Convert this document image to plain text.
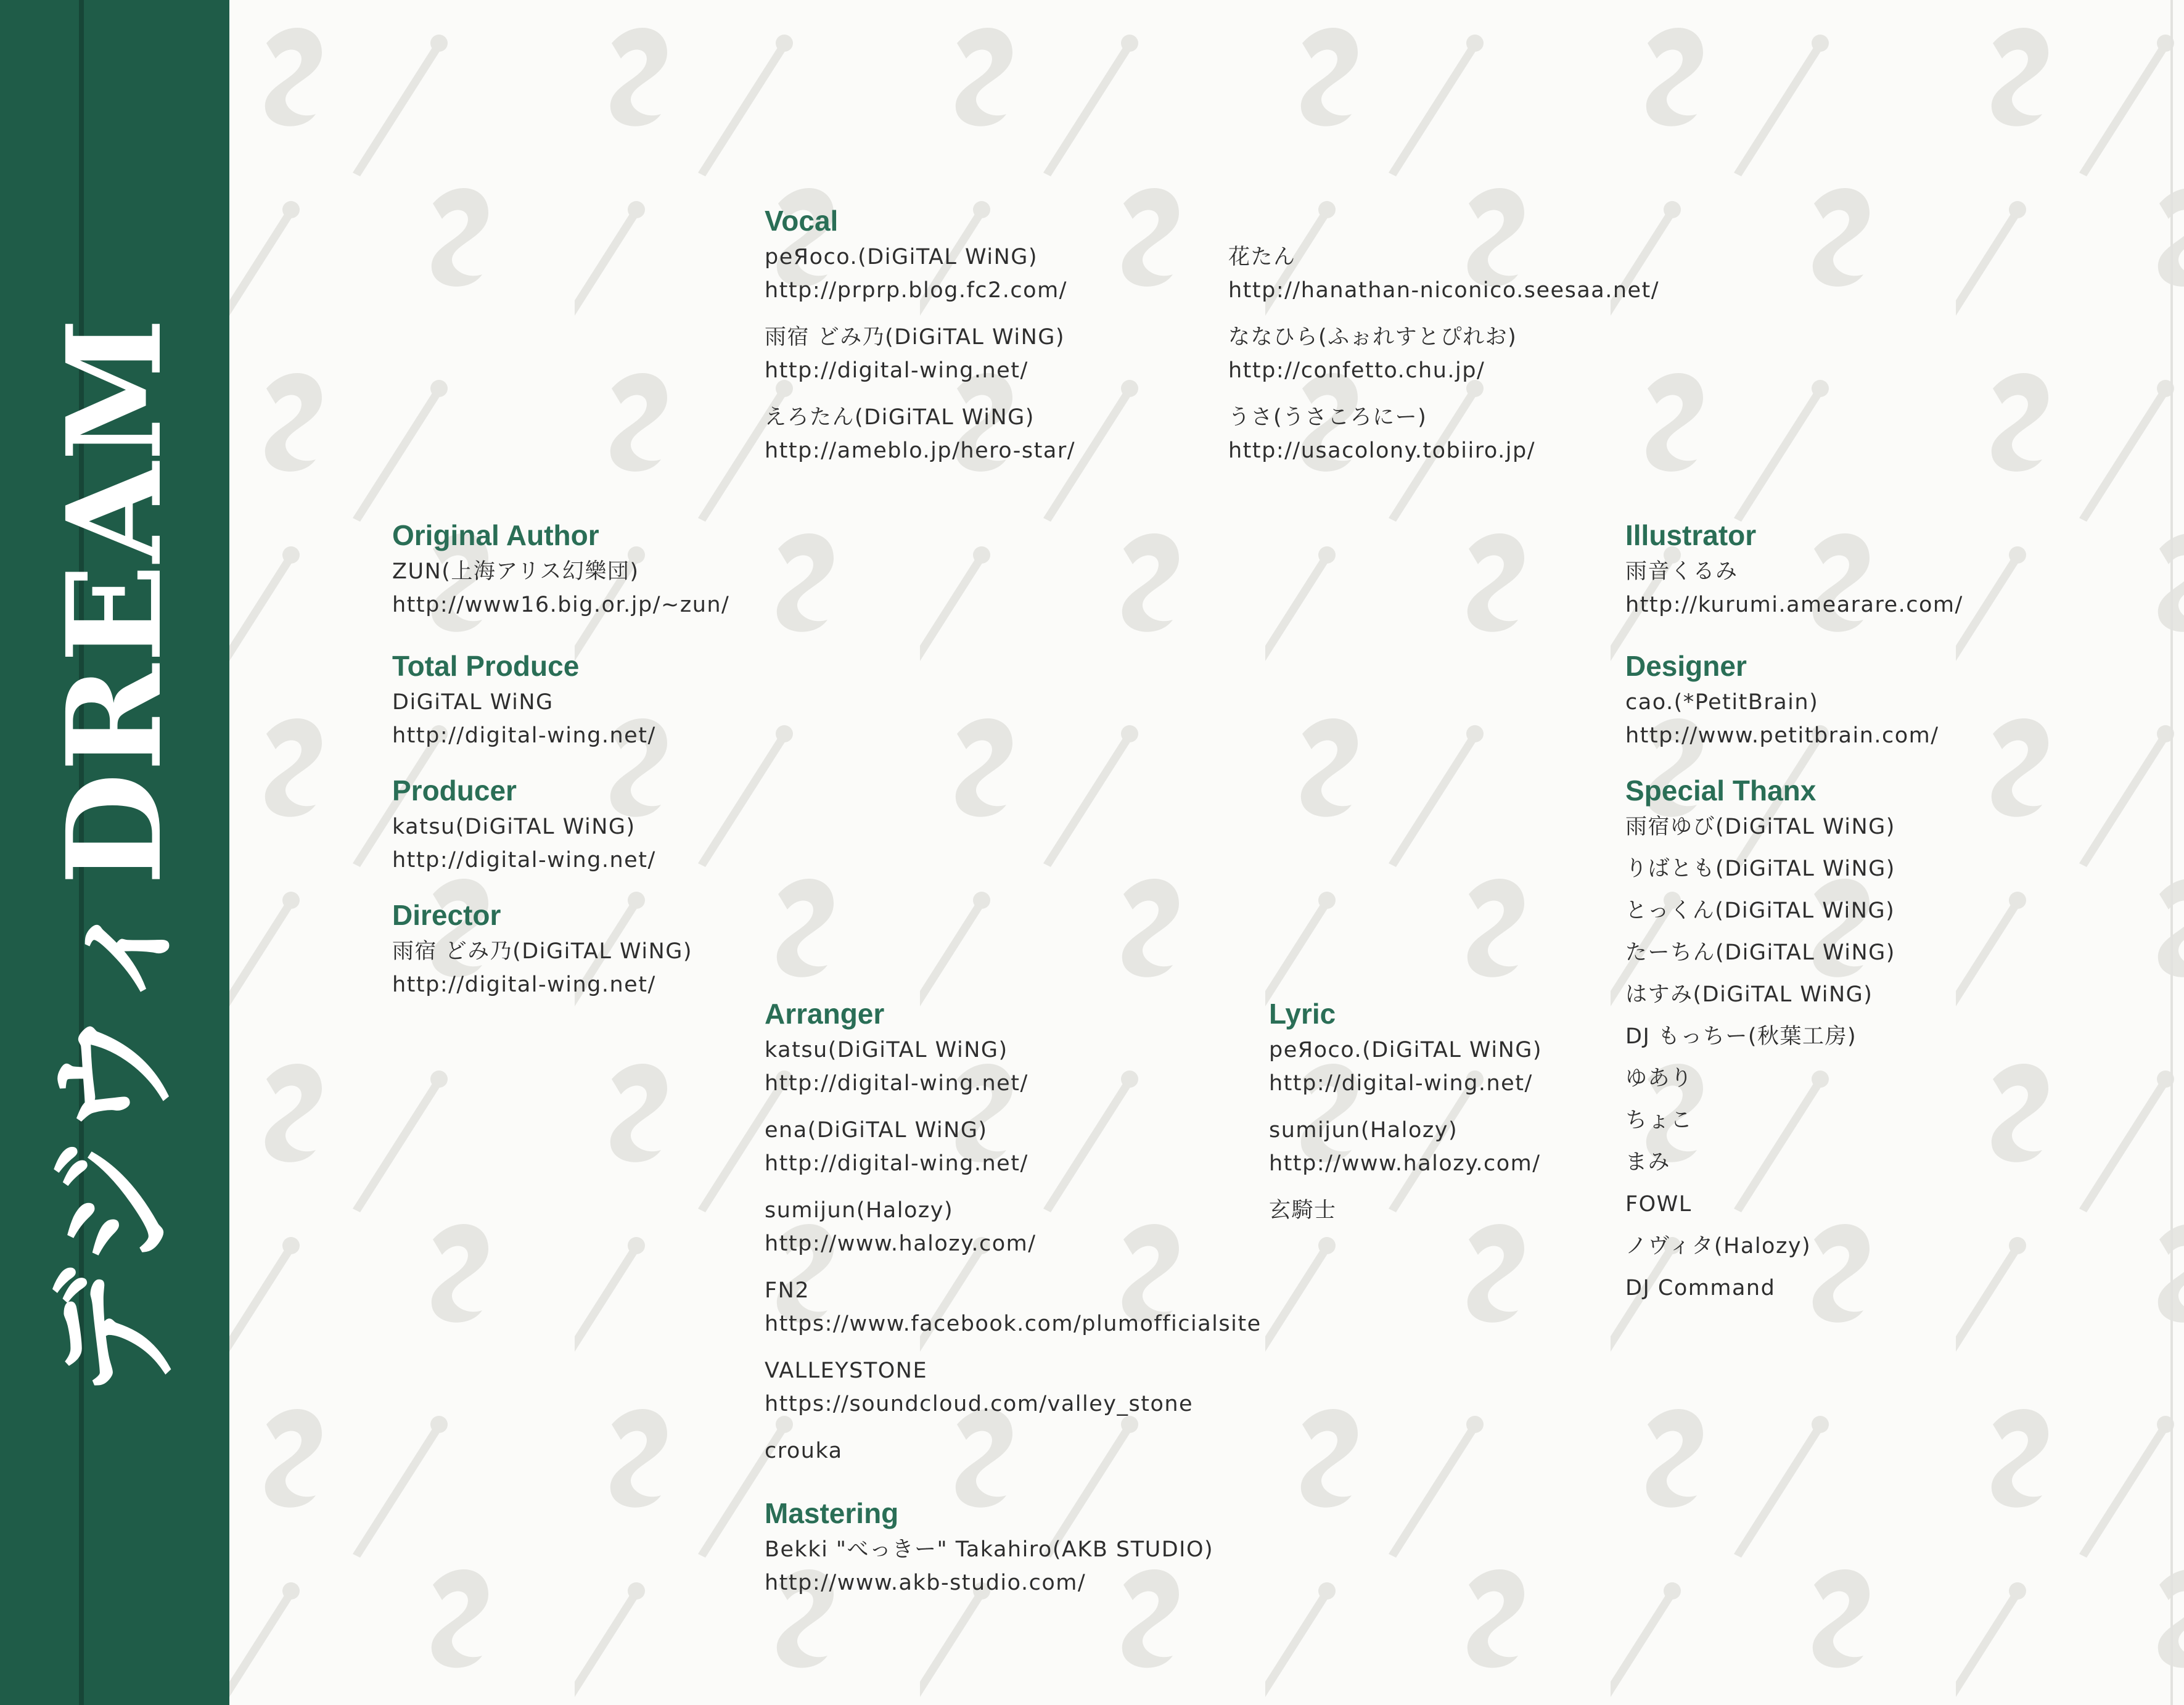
デジウィDREAM
Vocal
peЯoco.(DiGiTAL WiNG)
http://prprp.blog.fc2.com/
雨宿 どみ乃(DiGiTAL WiNG)
http://digital-wing.net/
えろたん(DiGiTAL WiNG)
http://ameblo.jp/hero-star/
花たん
http://hanathan-niconico.seesaa.net/
ななひら(ふぉれすとぴれお)
http://confetto.chu.jp/
うさ(うさころにー)
http://usacolony.tobiiro.jp/
Original Author
ZUN(上海アリス幻樂団)
http://www16.big.or.jp/~zun/
Total Produce
DiGiTAL WiNG
http://digital-wing.net/
Producer
katsu(DiGiTAL WiNG)
http://digital-wing.net/
Director
雨宿 どみ乃(DiGiTAL WiNG)
http://digital-wing.net/
Arranger
katsu(DiGiTAL WiNG)
http://digital-wing.net/
ena(DiGiTAL WiNG)
http://digital-wing.net/
sumijun(Halozy)
http://www.halozy.com/
FN2
https://www.facebook.com/plumofficialsite
VALLEYSTONE
https://soundcloud.com/valley_stone
crouka
Mastering
Bekki "べっきー" Takahiro(AKB STUDIO)
http://www.akb-studio.com/
Lyric
peЯoco.(DiGiTAL WiNG)
http://digital-wing.net/
sumijun(Halozy)
http://www.halozy.com/
玄騎士
Illustrator
雨音くるみ
http://kurumi.amearare.com/
Designer
cao.(*PetitBrain)
http://www.petitbrain.com/
Special Thanx
雨宿ゆび(DiGiTAL WiNG)
りばとも(DiGiTAL WiNG)
とっくん(DiGiTAL WiNG)
たーちん(DiGiTAL WiNG)
はすみ(DiGiTAL WiNG)
DJ もっちー(秋葉工房)
ゆあり
ちょこ
まみ
FOWL
ノヴィタ(Halozy)
DJ Command
